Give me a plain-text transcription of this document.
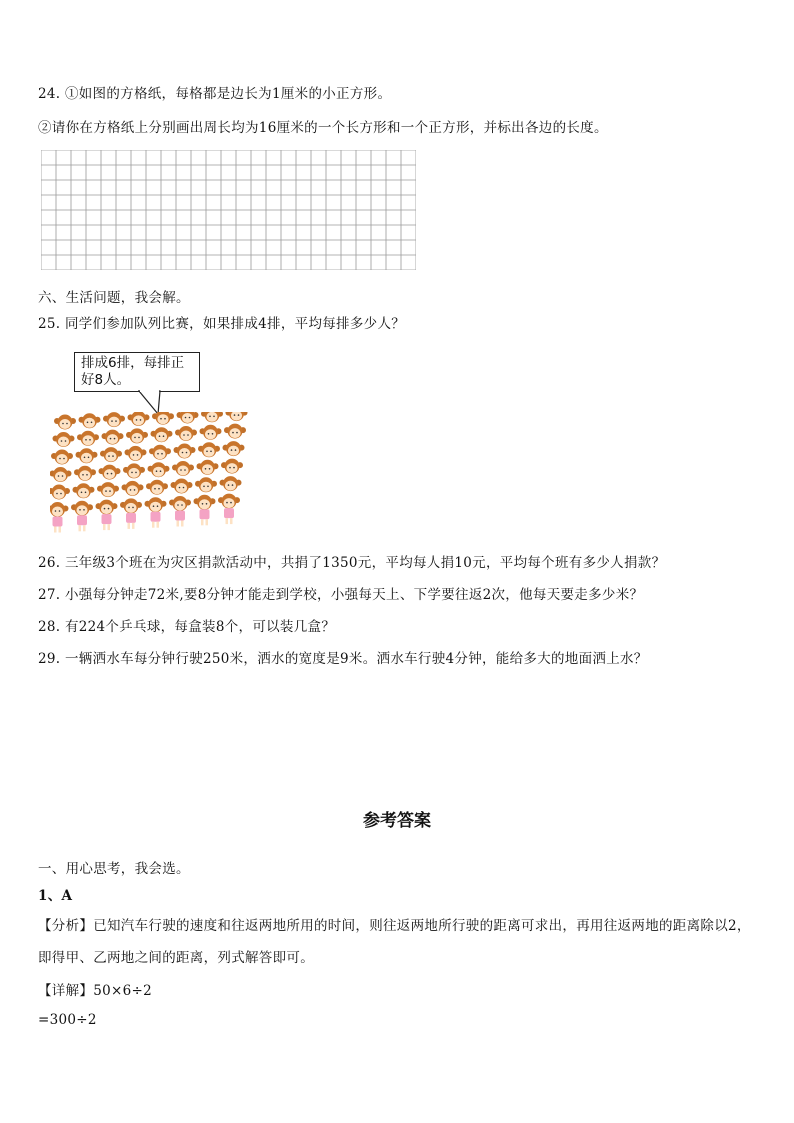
24. ①如图的方格纸，每格都是边长为1厘米的小正方形。
②请你在方格纸上分别画出周长均为16厘米的一个长方形和一个正方形，并标出各边的长度。
六、生活问题，我会解。
25. 同学们参加队列比赛，如果排成4排，平均每排多少人？
排成6排，每排正好8人。
26. 三年级3个班在为灾区捐款活动中，共捐了1350元，平均每人捐10元，平均每个班有多少人捐款？
27. 小强每分钟走72米,要8分钟才能走到学校，小强每天上、下学要往返2次，他每天要走多少米？
28. 有224个乒乓球，每盒装8个，可以装几盒？
29. 一辆洒水车每分钟行驶250米，洒水的宽度是9米。洒水车行驶4分钟，能给多大的地面洒上水？
参考答案
一、用心思考，我会选。
1、A
【分析】已知汽车行驶的速度和往返两地所用的时间，则往返两地所行驶的距离可求出，再用往返两地的距离除以2，
即得甲、乙两地之间的距离，列式解答即可。
【详解】50×6÷2
=300÷2
